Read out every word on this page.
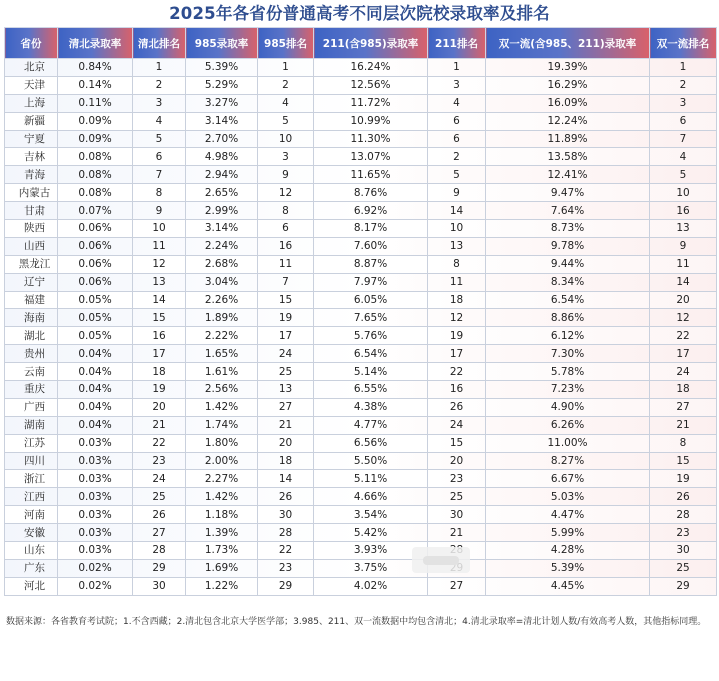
2025年各省份普通高考不同层次院校录取率及排名
省份	清北录取率	清北排名	985录取率	985排名	211(含985)录取率	211排名	双一流(含985、211)录取率	双一流排名
北京	0.84%	1	5.39%	1	16.24%	1	19.39%	1
天津	0.14%	2	5.29%	2	12.56%	3	16.29%	2
上海	0.11%	3	3.27%	4	11.72%	4	16.09%	3
新疆	0.09%	4	3.14%	5	10.99%	6	12.24%	6
宁夏	0.09%	5	2.70%	10	11.30%	6	11.89%	7
吉林	0.08%	6	4.98%	3	13.07%	2	13.58%	4
青海	0.08%	7	2.94%	9	11.65%	5	12.41%	5
内蒙古	0.08%	8	2.65%	12	8.76%	9	9.47%	10
甘肃	0.07%	9	2.99%	8	6.92%	14	7.64%	16
陕西	0.06%	10	3.14%	6	8.17%	10	8.73%	13
山西	0.06%	11	2.24%	16	7.60%	13	9.78%	9
黑龙江	0.06%	12	2.68%	11	8.87%	8	9.44%	11
辽宁	0.06%	13	3.04%	7	7.97%	11	8.34%	14
福建	0.05%	14	2.26%	15	6.05%	18	6.54%	20
海南	0.05%	15	1.89%	19	7.65%	12	8.86%	12
湖北	0.05%	16	2.22%	17	5.76%	19	6.12%	22
贵州	0.04%	17	1.65%	24	6.54%	17	7.30%	17
云南	0.04%	18	1.61%	25	5.14%	22	5.78%	24
重庆	0.04%	19	2.56%	13	6.55%	16	7.23%	18
广西	0.04%	20	1.42%	27	4.38%	26	4.90%	27
湖南	0.04%	21	1.74%	21	4.77%	24	6.26%	21
江苏	0.03%	22	1.80%	20	6.56%	15	11.00%	8
四川	0.03%	23	2.00%	18	5.50%	20	8.27%	15
浙江	0.03%	24	2.27%	14	5.11%	23	6.67%	19
江西	0.03%	25	1.42%	26	4.66%	25	5.03%	26
河南	0.03%	26	1.18%	30	3.54%	30	4.47%	28
安徽	0.03%	27	1.39%	28	5.42%	21	5.99%	23
山东	0.03%	28	1.73%	22	3.93%		4.28%	30
广东	0.02%	29	1.69%	23	3.75%		5.39%	25
河北	0.02%	30	1.22%	29	4.02%	27	4.45%	29
数据来源：各省教育考试院；1.不含西藏；2.清北包含北京大学医学部；3.985、211、双一流数据中均包含清北；4.清北录取率=清北计划人数/有效高考人数，其他指标同理。
